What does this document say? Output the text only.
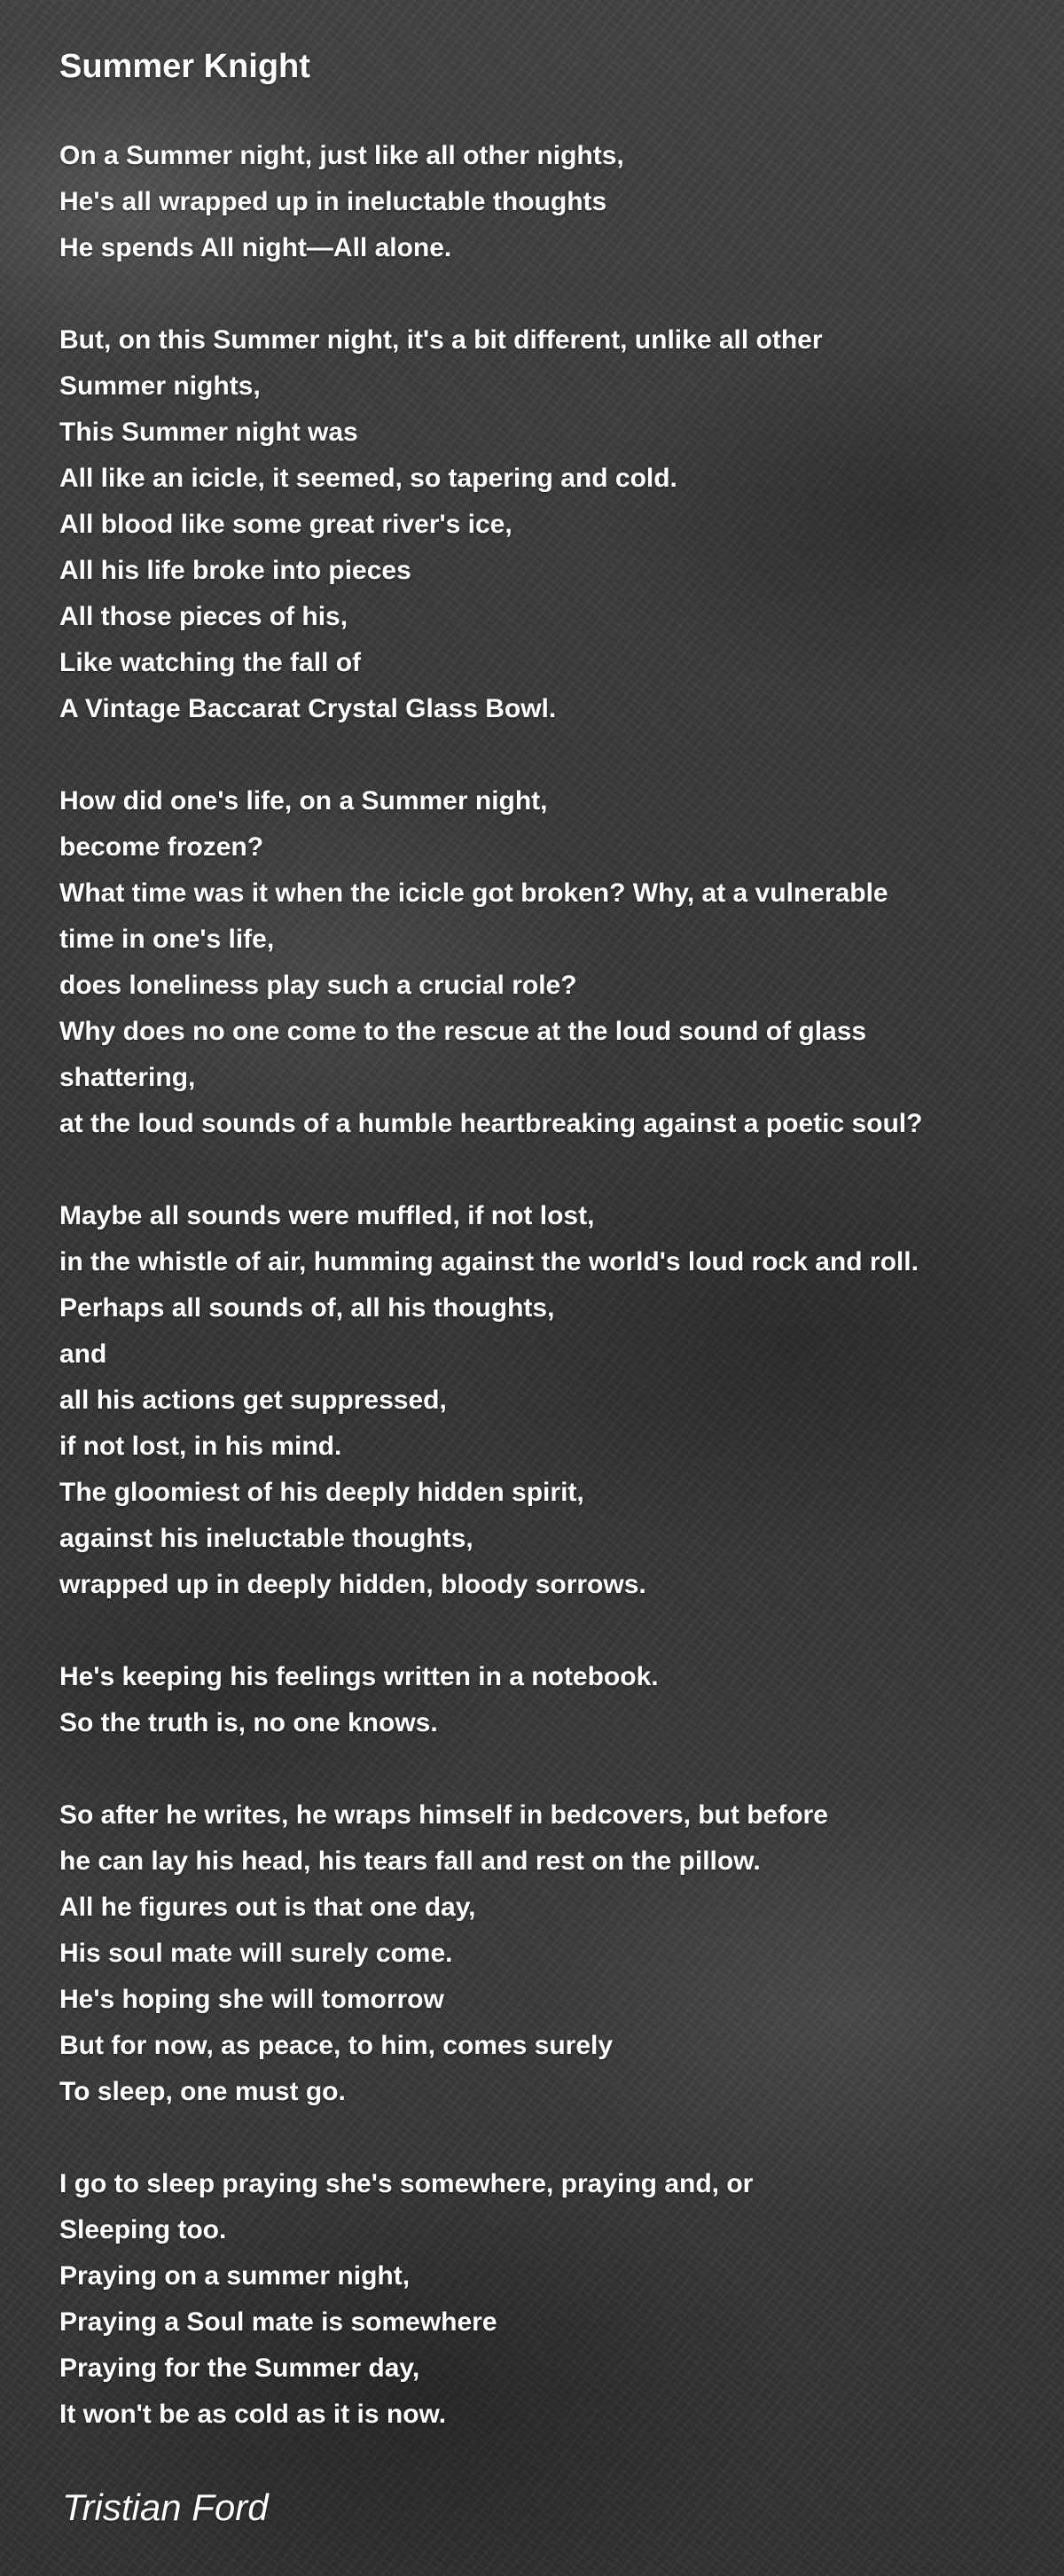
Summer Knight
On a Summer night, just like all other nights,
He's all wrapped up in ineluctable thoughts
He spends All night—All alone.
But, on this Summer night, it's a bit different, unlike all other
Summer nights,
This Summer night was
All like an icicle, it seemed, so tapering and cold.
All blood like some great river's ice,
All his life broke into pieces
All those pieces of his,
Like watching the fall of
A Vintage Baccarat Crystal Glass Bowl.
How did one's life, on a Summer night,
become frozen?
What time was it when the icicle got broken? Why, at a vulnerable
time in one's life,
does loneliness play such a crucial role?
Why does no one come to the rescue at the loud sound of glass
shattering,
at the loud sounds of a humble heartbreaking against a poetic soul?
Maybe all sounds were muffled, if not lost,
in the whistle of air, humming against the world's loud rock and roll.
Perhaps all sounds of, all his thoughts,
and
all his actions get suppressed,
if not lost, in his mind.
The gloomiest of his deeply hidden spirit,
against his ineluctable thoughts,
wrapped up in deeply hidden, bloody sorrows.
He's keeping his feelings written in a notebook.
So the truth is, no one knows.
So after he writes, he wraps himself in bedcovers, but before
he can lay his head, his tears fall and rest on the pillow.
All he figures out is that one day,
His soul mate will surely come.
He's hoping she will tomorrow
But for now, as peace, to him, comes surely
To sleep, one must go.
I go to sleep praying she's somewhere, praying and, or
Sleeping too.
Praying on a summer night,
Praying a Soul mate is somewhere
Praying for the Summer day,
It won't be as cold as it is now.

Tristian Ford
